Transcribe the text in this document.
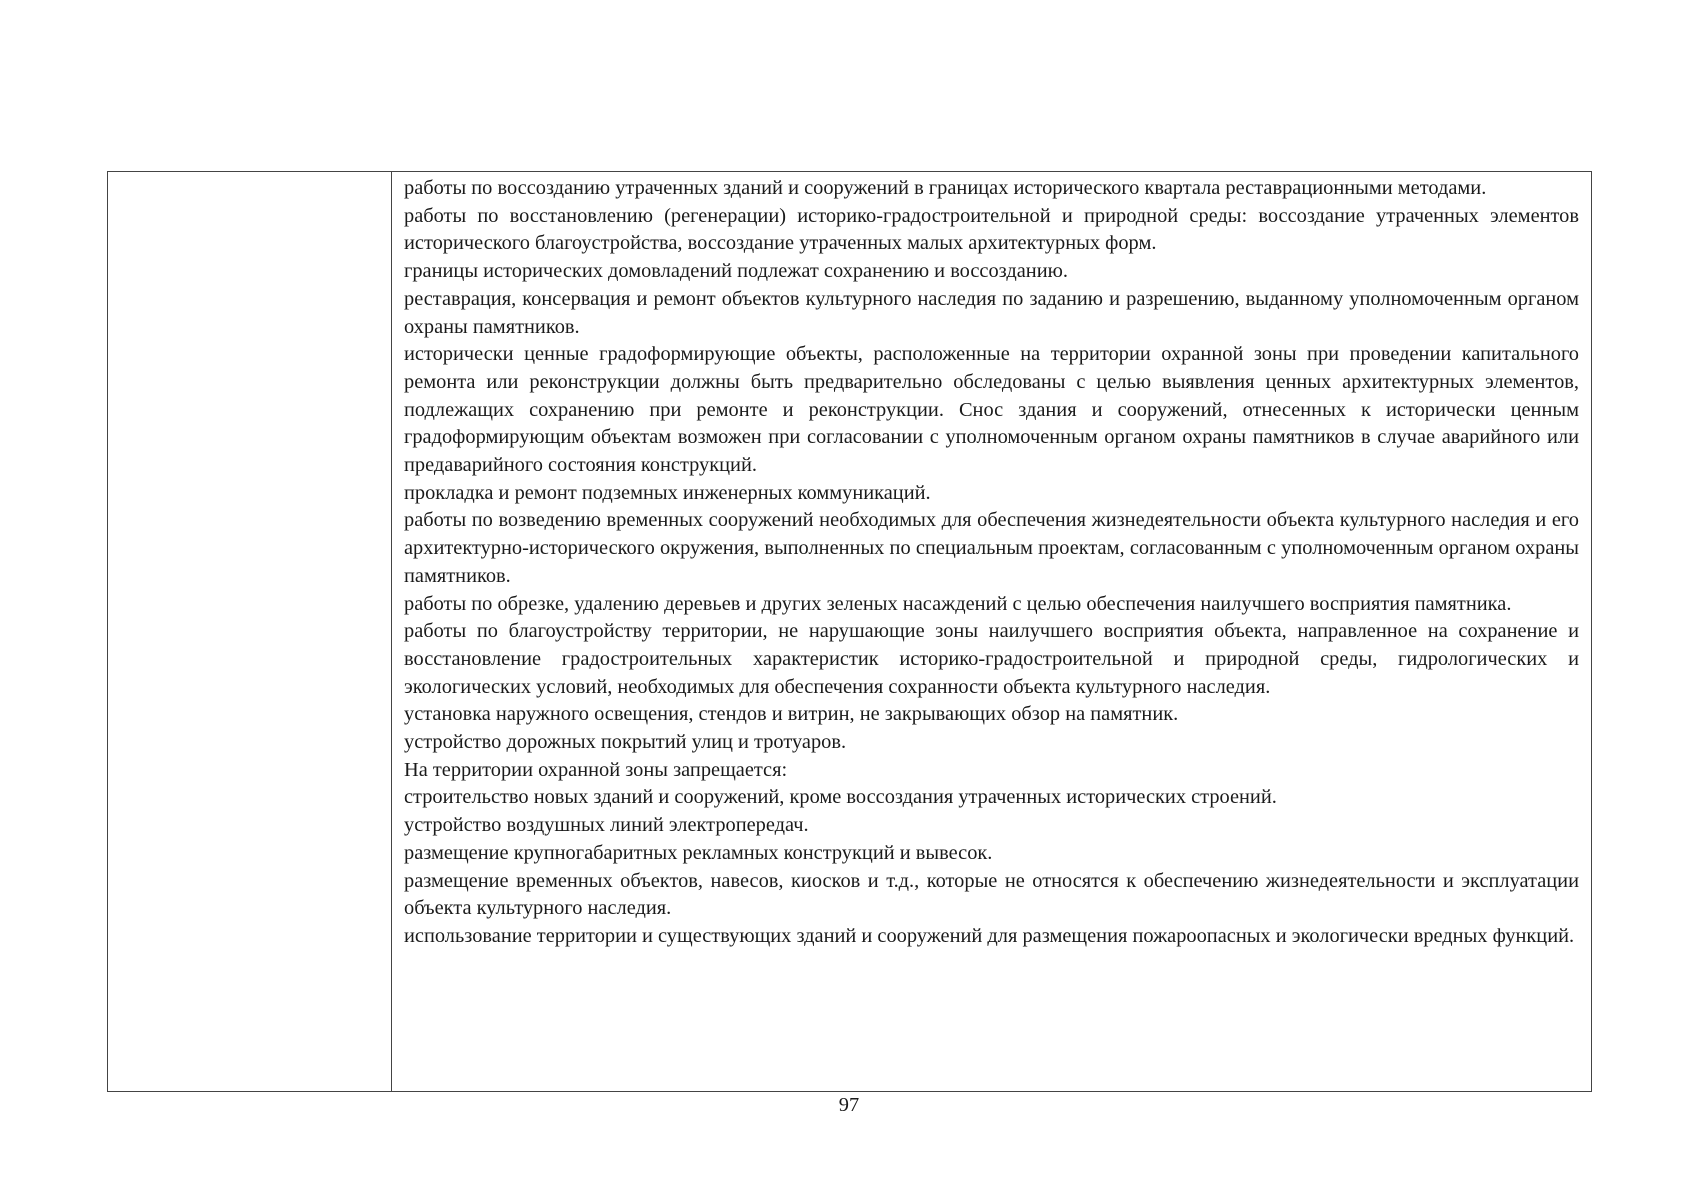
работы по воссозданию утраченных зданий и сооружений в границах исторического квартала реставрационными методами.

работы по восстановлению (регенерации) историко-градостроительной и природной среды: воссоздание утраченных элементов исторического благоустройства, воссоздание утраченных малых архитектурных форм.

границы исторических домовладений подлежат сохранению и воссозданию.

реставрация, консервация и ремонт объектов культурного наследия по заданию и разрешению, выданному уполномоченным органом охраны памятников.

исторически ценные градоформирующие объекты, расположенные на территории охранной зоны при проведении капитального ремонта или реконструкции должны быть предварительно обследованы с целью выявления ценных архитектурных элементов, подлежащих сохранению при ремонте и реконструкции. Снос здания и сооружений, отнесенных к исторически ценным градоформирующим объектам возможен при согласовании с уполномоченным органом охраны памятников в случае аварийного или предаварийного состояния конструкций.

прокладка и ремонт подземных инженерных коммуникаций.

работы по возведению временных сооружений необходимых для обеспечения жизнедеятельности объекта культурного наследия и его архитектурно-исторического окружения, выполненных по специальным проектам, согласованным с уполномоченным органом охраны памятников.

работы по обрезке, удалению деревьев и других зеленых насаждений с целью обеспечения наилучшего восприятия памятника.

работы по благоустройству территории, не нарушающие зоны наилучшего восприятия объекта, направленное на сохранение и восстановление градостроительных характеристик историко-градостроительной и природной среды, гидрологических и экологических условий, необходимых для обеспечения сохранности объекта культурного наследия.

установка наружного освещения, стендов и витрин, не закрывающих обзор на памятник.

устройство дорожных покрытий улиц и тротуаров.

На территории охранной зоны запрещается:

строительство новых зданий и сооружений, кроме воссоздания утраченных исторических строений.

устройство воздушных линий электропередач.

размещение крупногабаритных рекламных конструкций и вывесок.

размещение временных объектов, навесов, киосков и т.д., которые не относятся к обеспечению жизнедеятельности и эксплуатации объекта культурного наследия.

использование территории и существующих зданий и сооружений для размещения пожароопасных и экологически вредных функций.

97
